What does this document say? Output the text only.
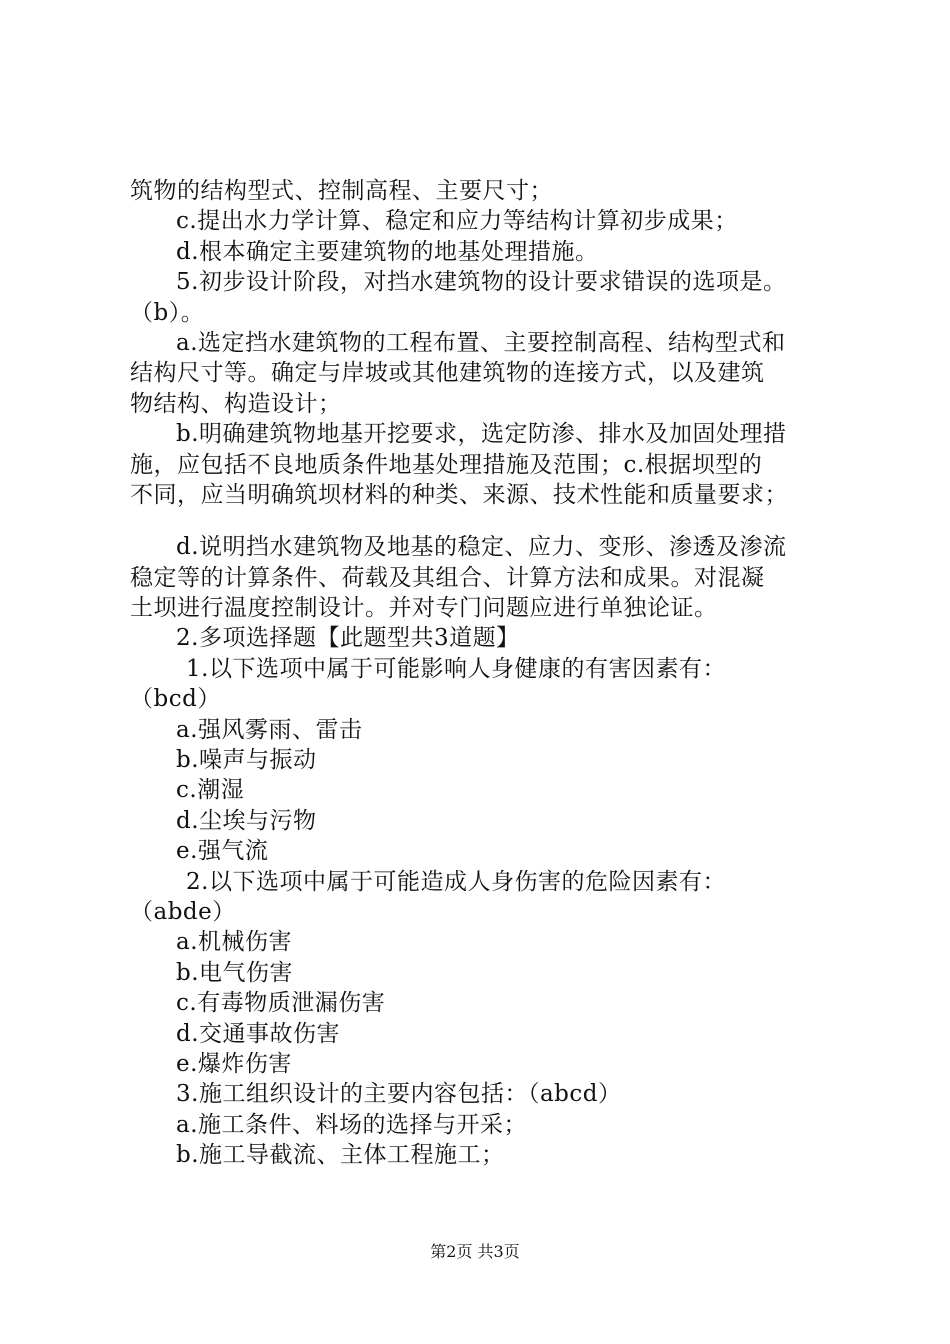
筑物的结构型式、控制高程、主要尺寸；
c.提出水力学计算、稳定和应力等结构计算初步成果；
d.根本确定主要建筑物的地基处理措施。
5.初步设计阶段，对挡水建筑物的设计要求错误的选项是。
（b）。
a.选定挡水建筑物的工程布置、主要控制高程、结构型式和
结构尺寸等。确定与岸坡或其他建筑物的连接方式，以及建筑
物结构、构造设计；
b.明确建筑物地基开挖要求，选定防渗、排水及加固处理措
施，应包括不良地质条件地基处理措施及范围；c.根据坝型的
不同，应当明确筑坝材料的种类、来源、技术性能和质量要求；
d.说明挡水建筑物及地基的稳定、应力、变形、渗透及渗流
稳定等的计算条件、荷载及其组合、计算方法和成果。对混凝
土坝进行温度控制设计。并对专门问题应进行单独论证。
2.多项选择题【此题型共3道题】
1.以下选项中属于可能影响人身健康的有害因素有：
（bcd）
a.强风雾雨、雷击
b.噪声与振动
c.潮湿
d.尘埃与污物
e.强气流
2.以下选项中属于可能造成人身伤害的危险因素有：
（abde）
a.机械伤害
b.电气伤害
c.有毒物质泄漏伤害
d.交通事故伤害
e.爆炸伤害
3.施工组织设计的主要内容包括：（abcd）
a.施工条件、料场的选择与开采；
b.施工导截流、主体工程施工；
第2页 共3页
